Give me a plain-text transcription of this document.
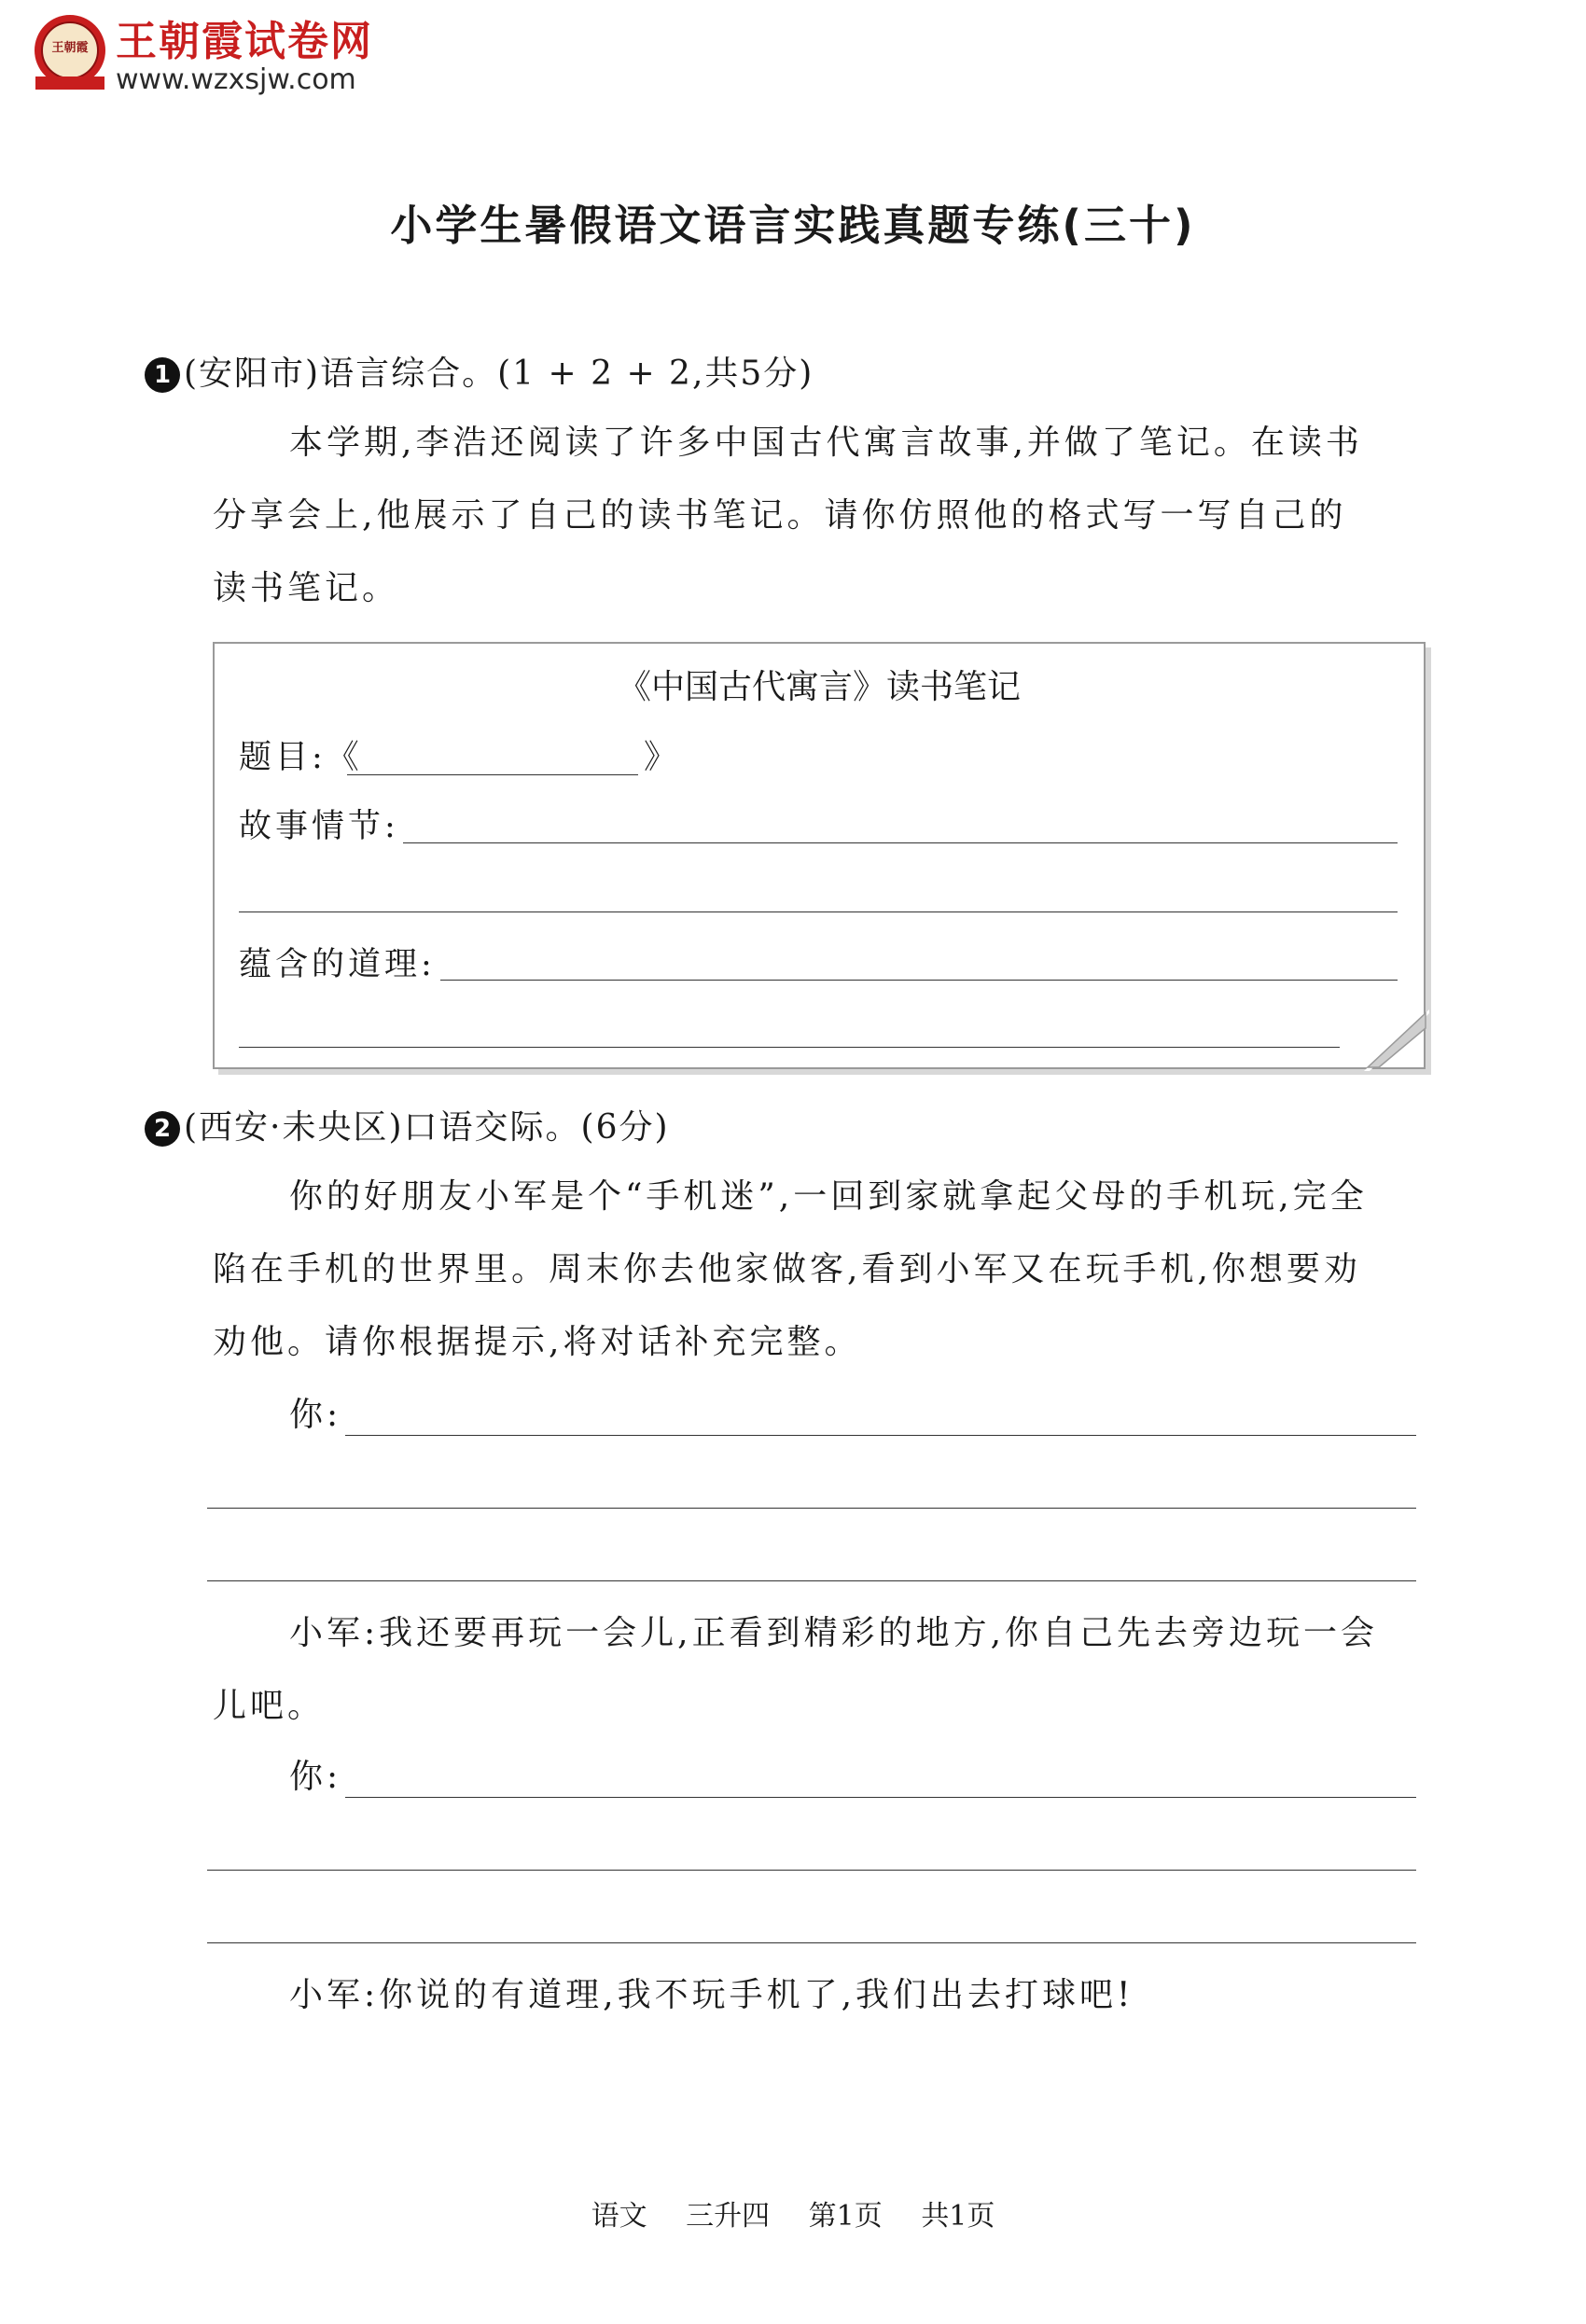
王朝霞 王朝霞试卷网
www.wzxsjw.com
小学生暑假语文语言实践真题专练(三十)
1 (安阳市)语言综合。(1 + 2 + 2,共5分)
本学期,李浩还阅读了许多中国古代寓言故事,并做了笔记。在读书
分享会上,他展示了自己的读书笔记。请你仿照他的格式写一写自己的
读书笔记。
《中国古代寓言》读书笔记
题目:《	》
故事情节:
蕴含的道理:
2 (西安·未央区)口语交际。(6分)
你的好朋友小军是个“手机迷”,一回到家就拿起父母的手机玩,完全
陷在手机的世界里。周末你去他家做客,看到小军又在玩手机,你想要劝
劝他。请你根据提示,将对话补充完整。
你:
小军:我还要再玩一会儿,正看到精彩的地方,你自己先去旁边玩一会
儿吧。
你:
小军:你说的有道理,我不玩手机了,我们出去打球吧!
语文 三升四 第1页 共1页
